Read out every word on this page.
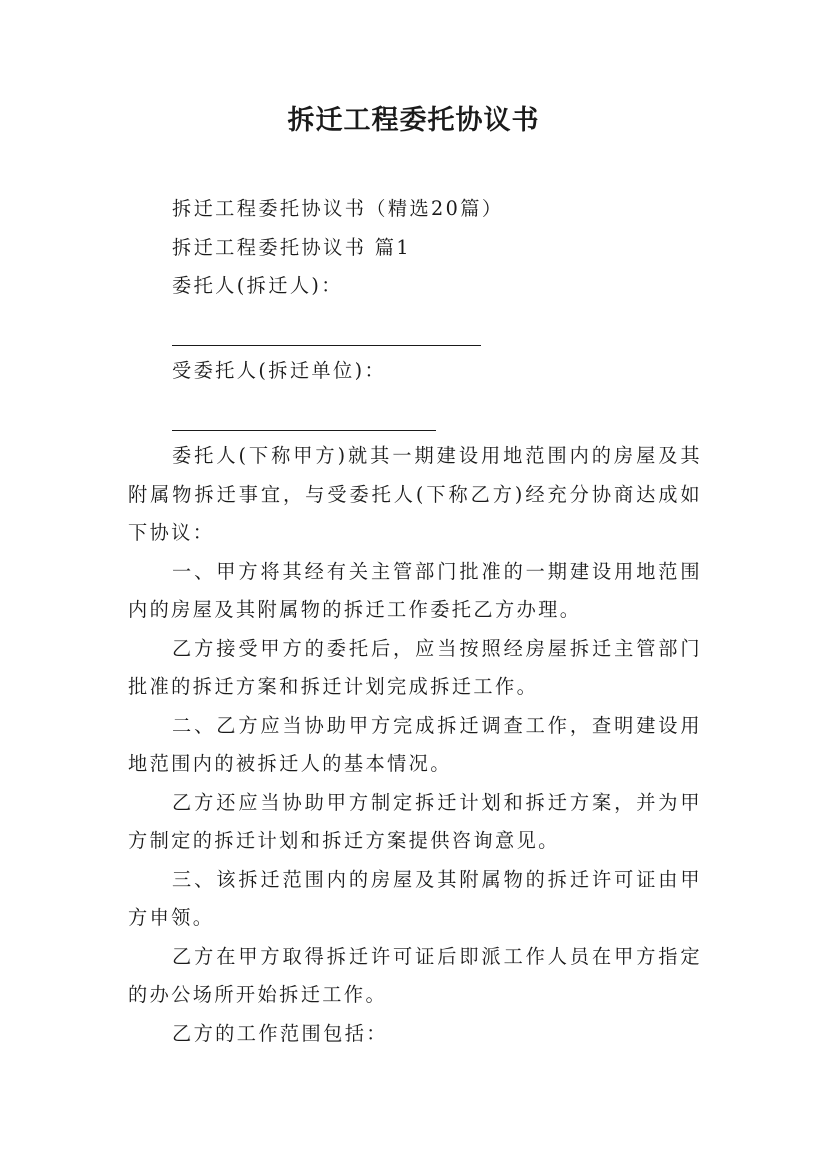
拆迁工程委托协议书

拆迁工程委托协议书（精选20篇）

拆迁工程委托协议书 篇1

委托人(拆迁人)：

受委托人(拆迁单位)：

委托人(下称甲方)就其一期建设用地范围内的房屋及其附属物拆迁事宜，与受委托人(下称乙方)经充分协商达成如下协议：

一、甲方将其经有关主管部门批准的一期建设用地范围内的房屋及其附属物的拆迁工作委托乙方办理。

乙方接受甲方的委托后，应当按照经房屋拆迁主管部门批准的拆迁方案和拆迁计划完成拆迁工作。

二、乙方应当协助甲方完成拆迁调查工作，查明建设用地范围内的被拆迁人的基本情况。

乙方还应当协助甲方制定拆迁计划和拆迁方案，并为甲方制定的拆迁计划和拆迁方案提供咨询意见。

三、该拆迁范围内的房屋及其附属物的拆迁许可证由甲方申领。

乙方在甲方取得拆迁许可证后即派工作人员在甲方指定的办公场所开始拆迁工作。

乙方的工作范围包括：
